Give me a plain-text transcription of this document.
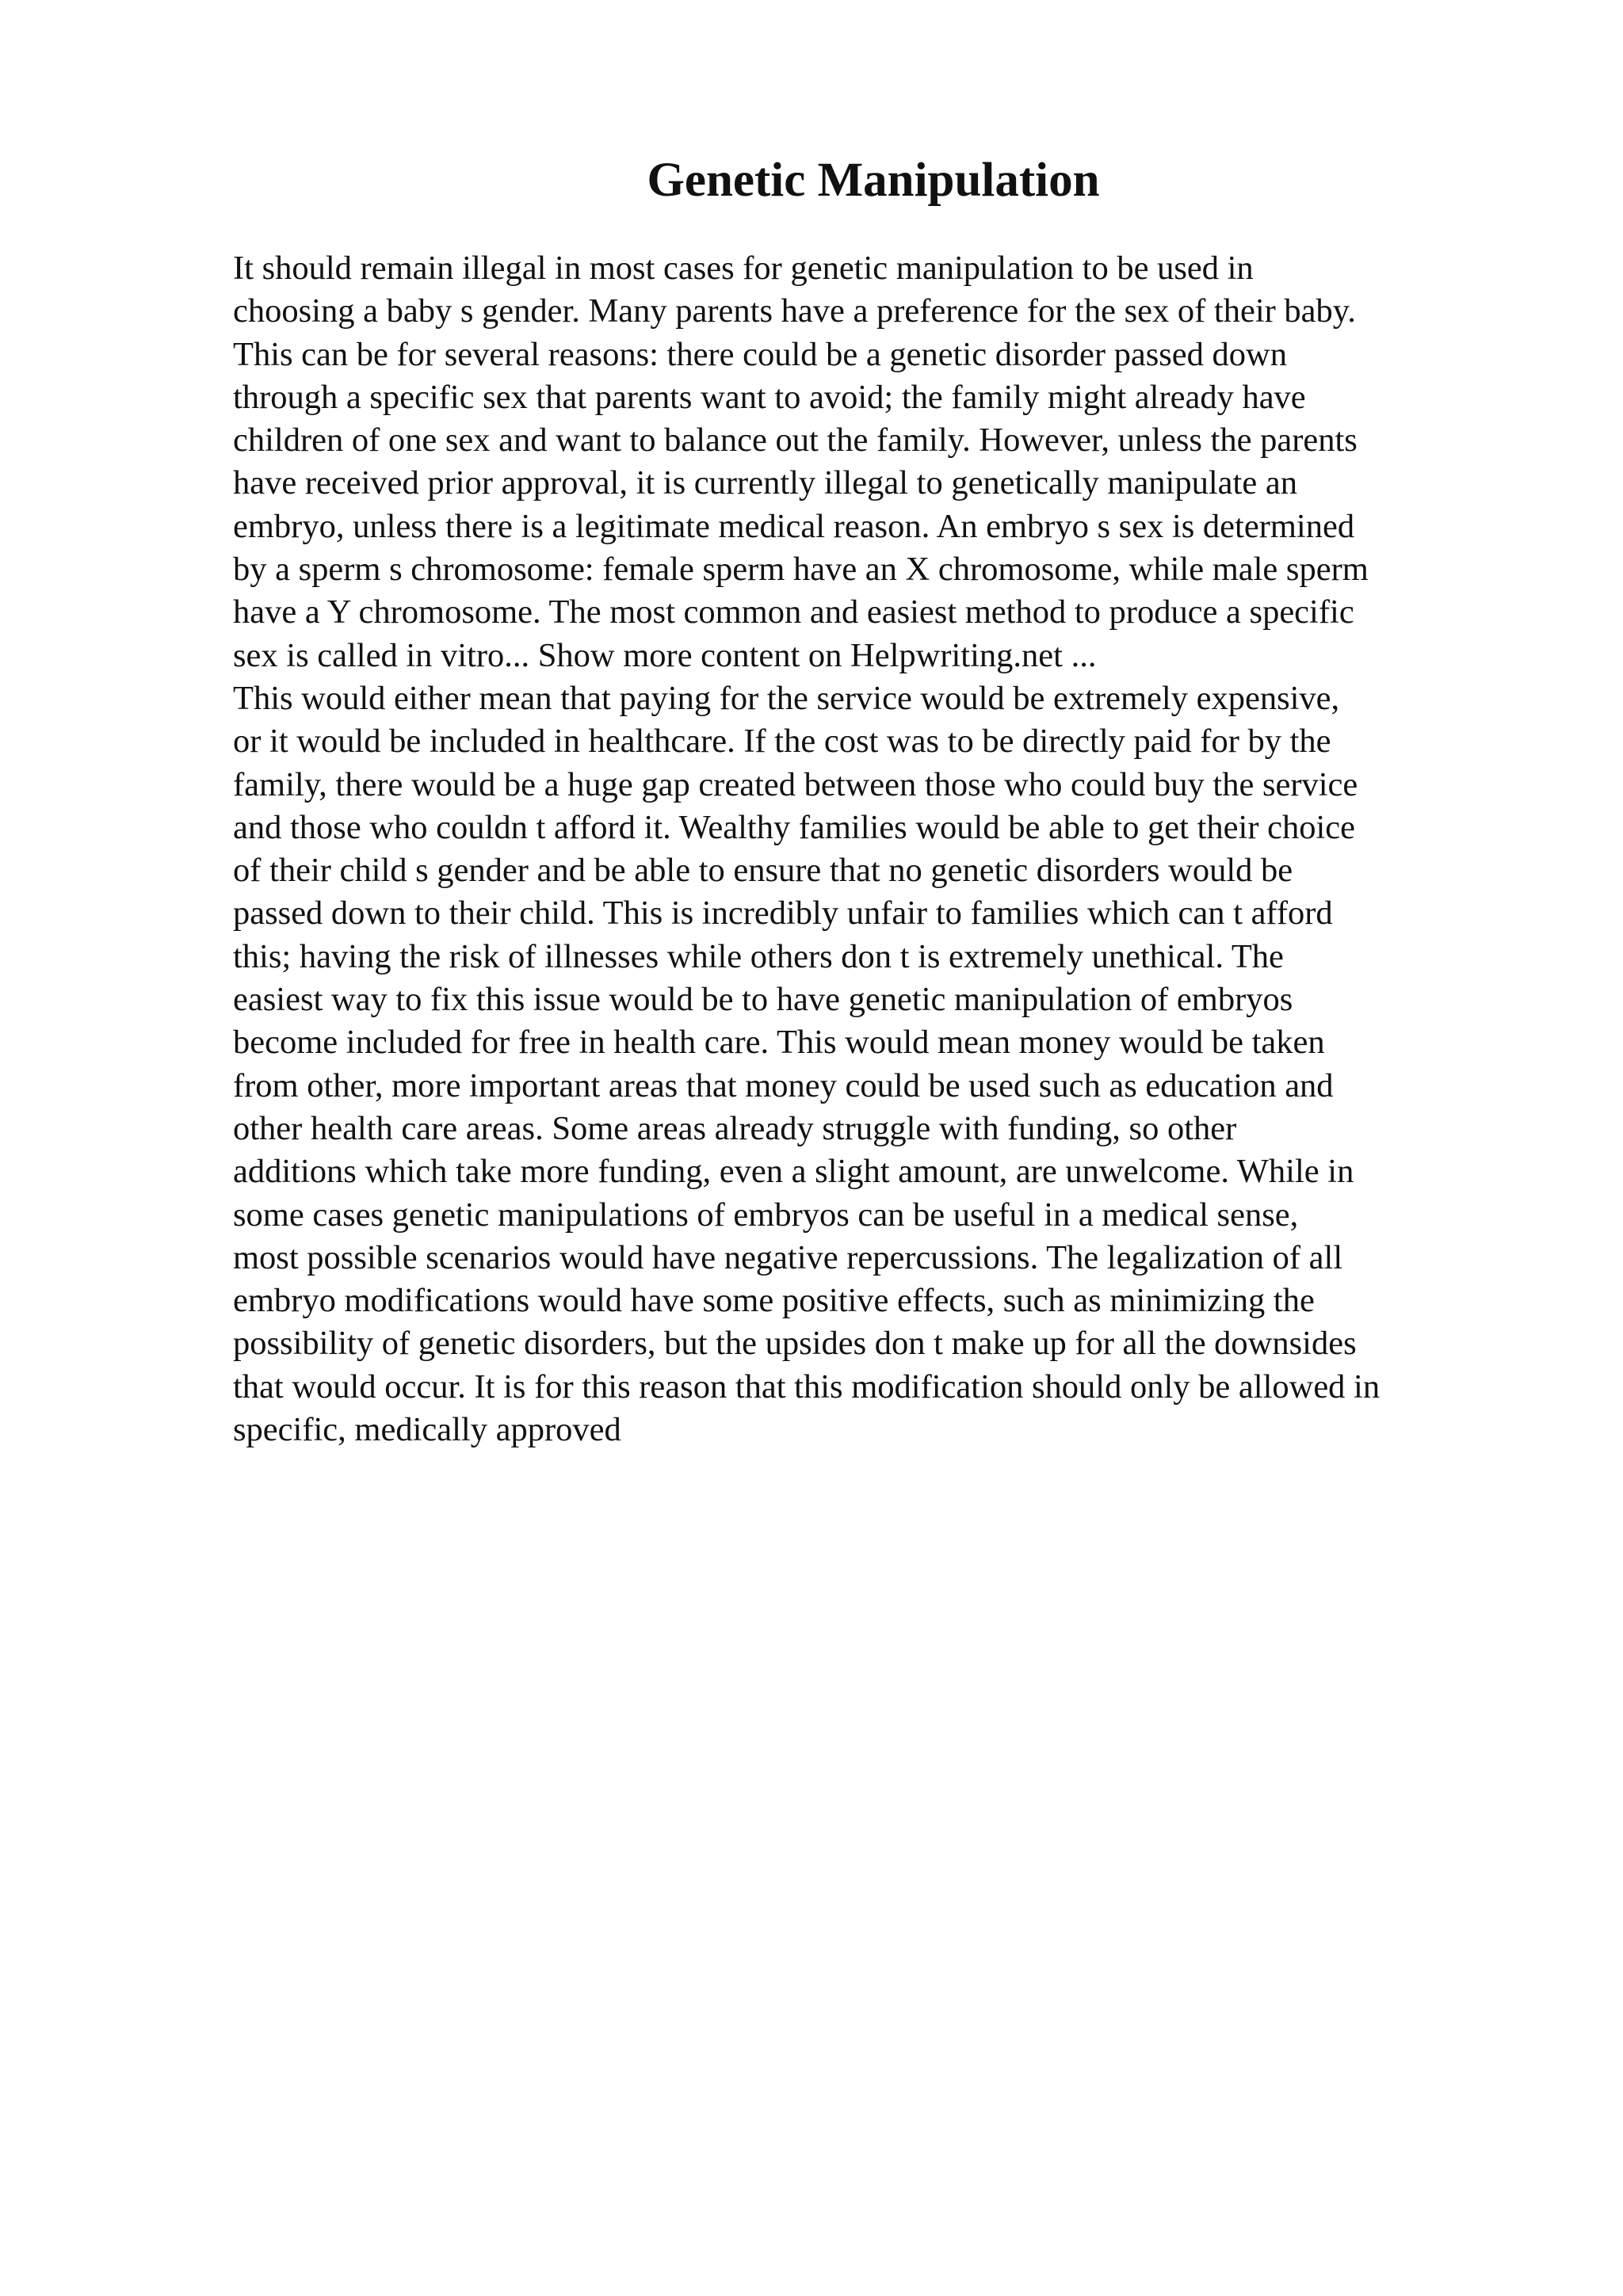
Genetic Manipulation
It should remain illegal in most cases for genetic manipulation to be used in
choosing a baby s gender. Many parents have a preference for the sex of their baby.
This can be for several reasons: there could be a genetic disorder passed down
through a specific sex that parents want to avoid; the family might already have
children of one sex and want to balance out the family. However, unless the parents
have received prior approval, it is currently illegal to genetically manipulate an
embryo, unless there is a legitimate medical reason. An embryo s sex is determined
by a sperm s chromosome: female sperm have an X chromosome, while male sperm
have a Y chromosome. The most common and easiest method to produce a specific
sex is called in vitro... Show more content on Helpwriting.net ...
This would either mean that paying for the service would be extremely expensive,
or it would be included in healthcare. If the cost was to be directly paid for by the
family, there would be a huge gap created between those who could buy the service
and those who couldn t afford it. Wealthy families would be able to get their choice
of their child s gender and be able to ensure that no genetic disorders would be
passed down to their child. This is incredibly unfair to families which can t afford
this; having the risk of illnesses while others don t is extremely unethical. The
easiest way to fix this issue would be to have genetic manipulation of embryos
become included for free in health care. This would mean money would be taken
from other, more important areas that money could be used such as education and
other health care areas. Some areas already struggle with funding, so other
additions which take more funding, even a slight amount, are unwelcome. While in
some cases genetic manipulations of embryos can be useful in a medical sense,
most possible scenarios would have negative repercussions. The legalization of all
embryo modifications would have some positive effects, such as minimizing the
possibility of genetic disorders, but the upsides don t make up for all the downsides
that would occur. It is for this reason that this modification should only be allowed in
specific, medically approved
